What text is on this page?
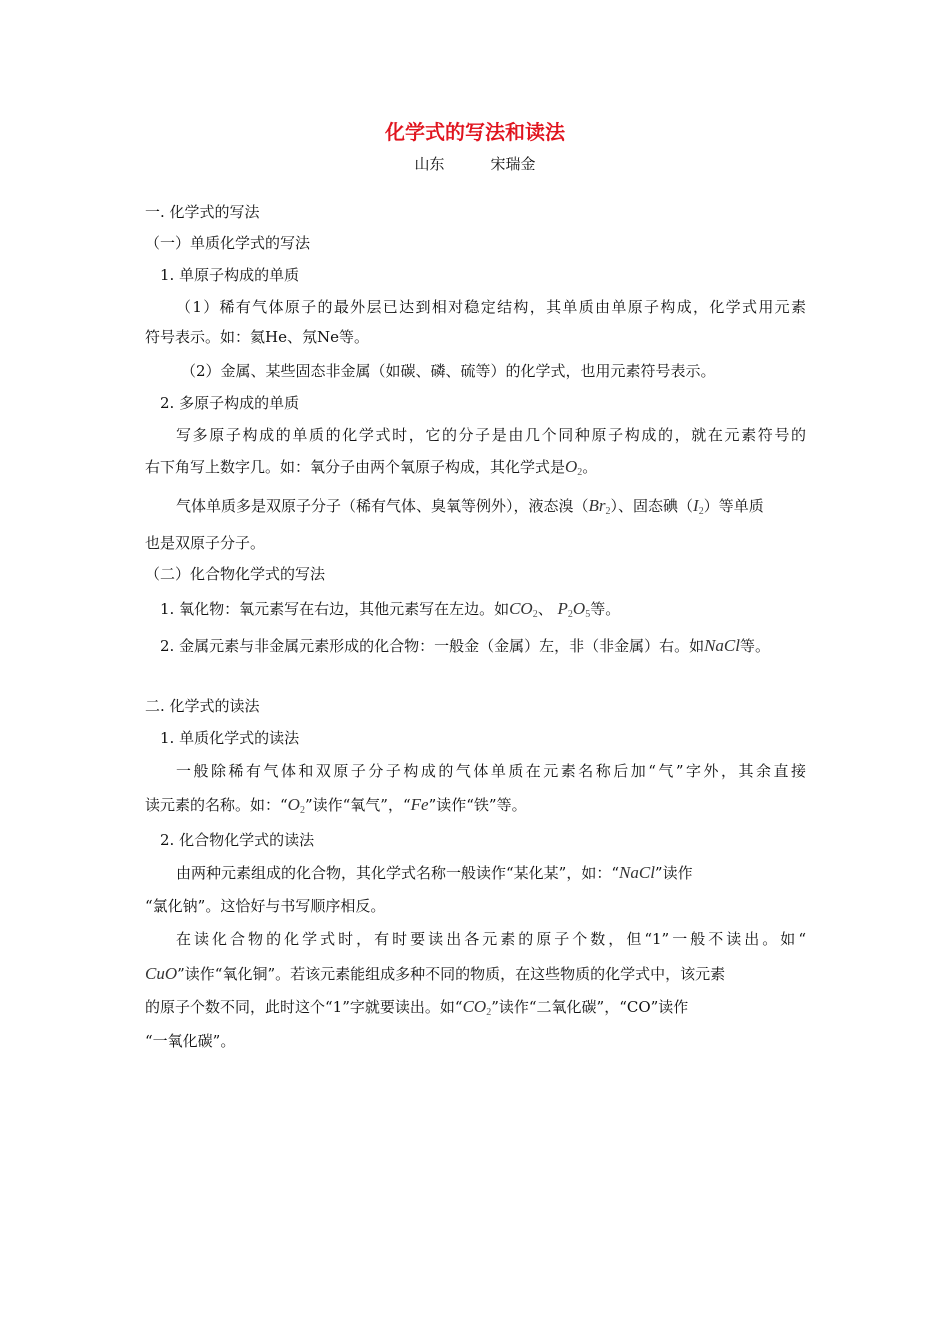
化学式的写法和读法
山东	宋瑞金
一. 化学式的写法
（一）单质化学式的写法
1. 单原子构成的单质
（1）稀有气体原子的最外层已达到相对稳定结构，其单质由单原子构成，化学式用元素
符号表示。如：氦He、氖Ne等。
（2）金属、某些固态非金属（如碳、磷、硫等）的化学式，也用元素符号表示。
2. 多原子构成的单质
写多原子构成的单质的化学式时，它的分子是由几个同种原子构成的，就在元素符号的
右下角写上数字几。如：氧分子由两个氧原子构成，其化学式是$O_2$。
气体单质多是双原子分子（稀有气体、臭氧等例外），液态溴$(Br_2)$、固态碘$(I_2)$等单质
也是双原子分子。
（二）化合物化学式的写法
1. 氧化物：氧元素写在右边，其他元素写在左边。如$CO_2$、 $P_2O_5$等。
2. 金属元素与非金属元素形成的化合物：一般金（金属）左，非（非金属）右。如NaCl等。
二. 化学式的读法
1. 单质化学式的读法
一般除稀有气体和双原子分子构成的气体单质在元素名称后加“气”字外，其余直接
读元素的名称。如：“$O_2$”读作“氧气”，“Fe”读作“铁”等。
2. 化合物化学式的读法
由两种元素组成的化合物，其化学式名称一般读作“某化某”，如：“NaCl”读作
“氯化钠”。这恰好与书写顺序相反。
在读化合物的化学式时，有时要读出各元素的原子个数，但“1”一般不读出。如“
CuO”读作“氧化铜”。若该元素能组成多种不同的物质，在这些物质的化学式中，该元素
的原子个数不同，此时这个“1”字就要读出。如“$CO_2$”读作“二氧化碳”，“CO”读作
“一氧化碳”。
